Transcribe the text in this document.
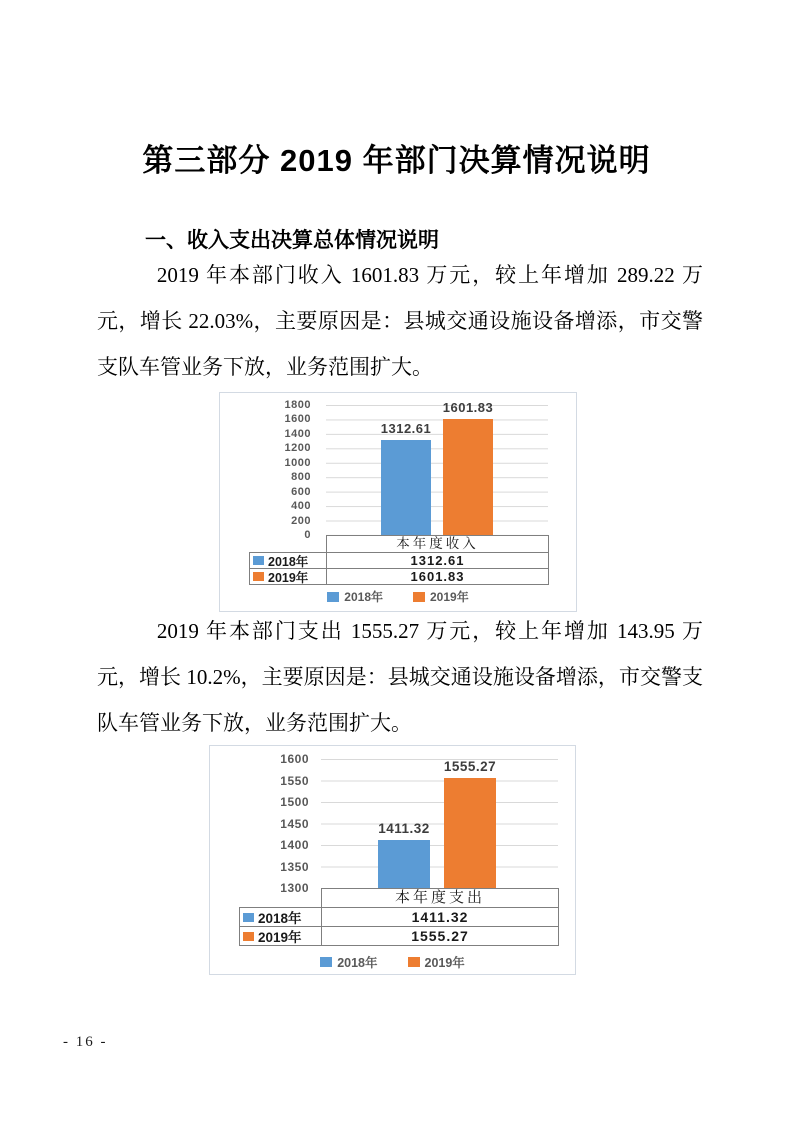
第三部分 2019 年部门决算情况说明
一、收入支出决算总体情况说明

2019 年本部门收入 1601.83 万元，较上年增加 289.22 万元，增长 22.03%，主要原因是：县城交通设施设备增添，市交警支队车管业务下放，业务范围扩大。

1800
1600
1400
1200
1000
800
600
400
200
0
1312.61
1601.83
本年度收入
2018年	1312.61
2019年	1601.83
2018年	2019年

2019 年本部门支出 1555.27 万元，较上年增加 143.95 万元，增长 10.2%，主要原因是：县城交通设施设备增添，市交警支队车管业务下放，业务范围扩大。

1600
1550
1500
1450
1400
1350
1300
1411.32
1555.27
本年度支出
2018年	1411.32
2019年	1555.27
2018年	2019年
- 16 -
